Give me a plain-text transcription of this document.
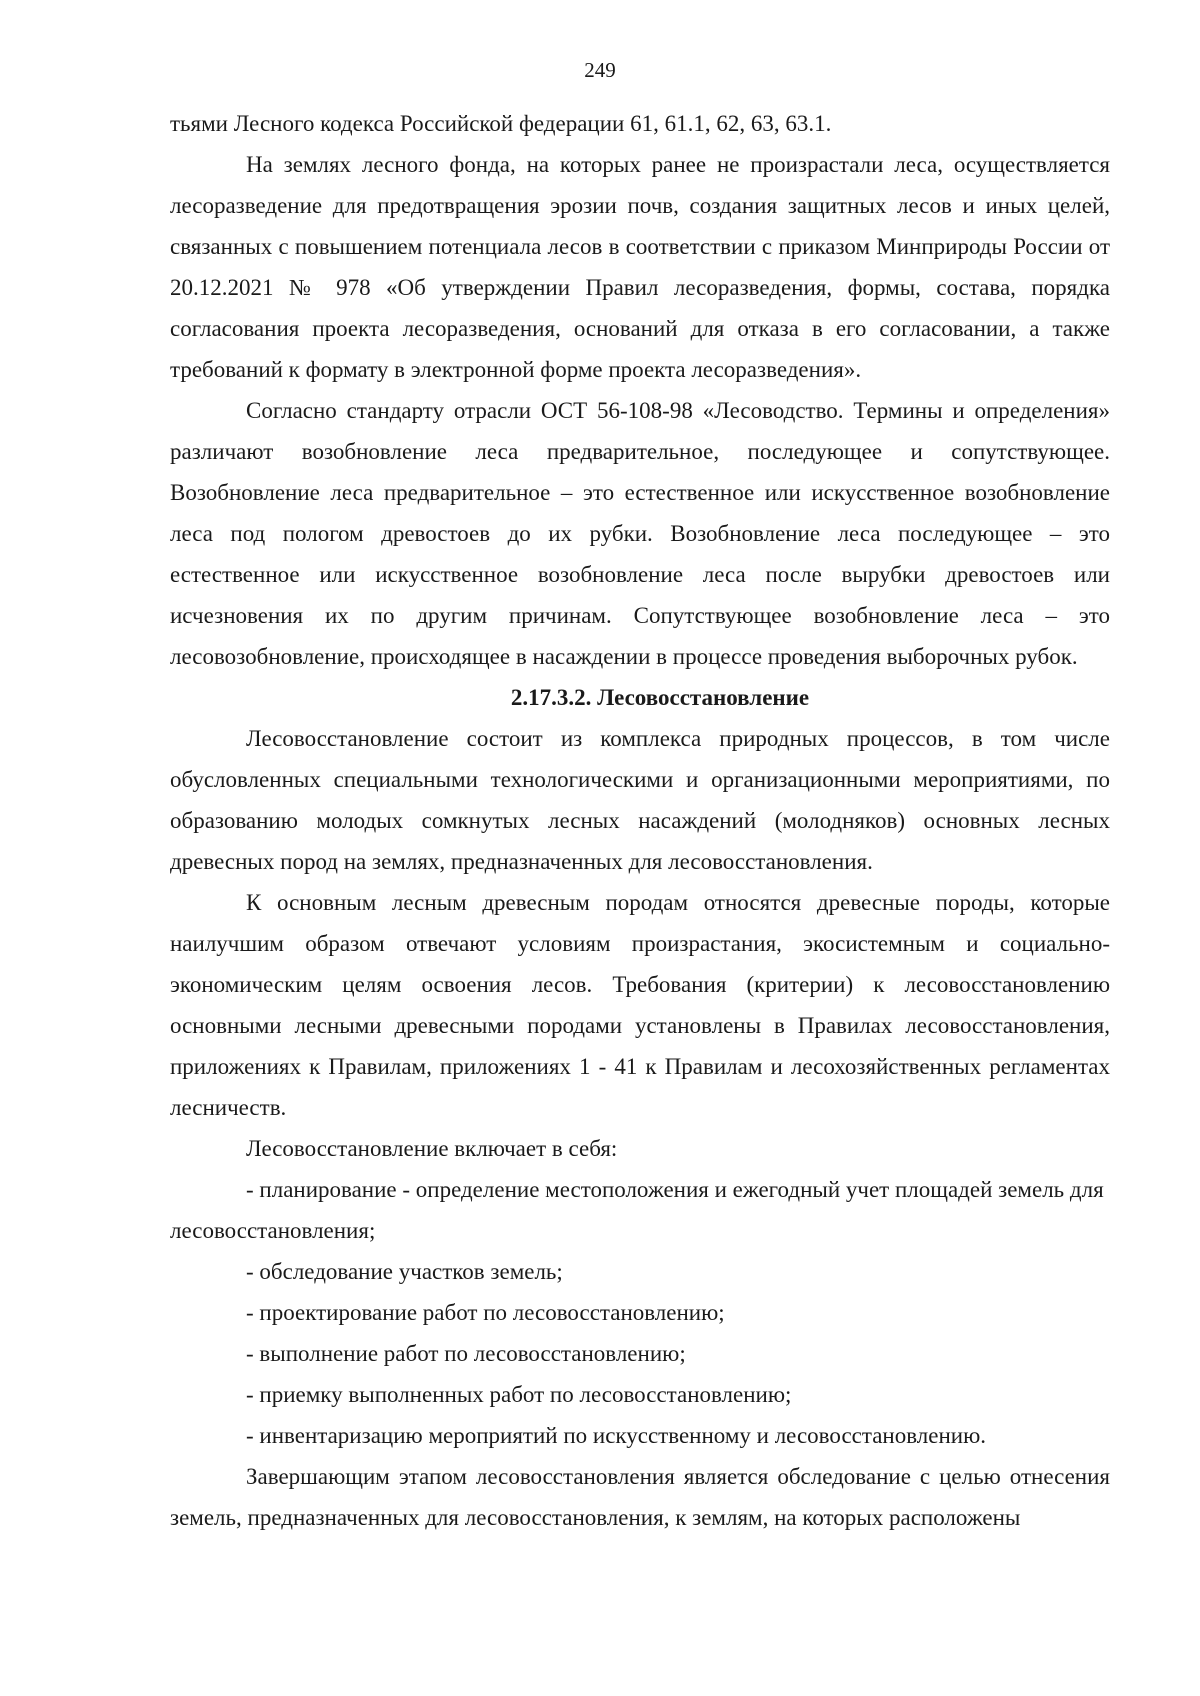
249

тьями Лесного кодекса Российской федерации 61, 61.1, 62, 63, 63.1.

На землях лесного фонда, на которых ранее не произрастали леса, осуществляется лесоразведение для предотвращения эрозии почв, создания защитных лесов и иных целей, связанных с повышением потенциала лесов в соответствии с приказом Минприроды России от 20.12.2021 № 978 «Об утверждении Правил лесоразведения, формы, состава, порядка согласования проекта лесоразведения, оснований для отказа в его согласовании, а также требований к формату в электронной форме проекта лесоразведения».

Согласно стандарту отрасли ОСТ 56-108-98 «Лесоводство. Термины и определения» различают возобновление леса предварительное, последующее и сопутствующее. Возобновление леса предварительное – это естественное или искусственное возобновление леса под пологом древостоев до их рубки. Возобновление леса последующее – это естественное или искусственное возобновление леса после вырубки древостоев или исчезновения их по другим причинам. Сопутствующее возобновление леса – это лесовозобновление, происходящее в насаждении в процессе проведения выборочных рубок.

2.17.3.2. Лесовосстановление

Лесовосстановление состоит из комплекса природных процессов, в том числе обусловленных специальными технологическими и организационными мероприятиями, по образованию молодых сомкнутых лесных насаждений (молодняков) основных лесных древесных пород на землях, предназначенных для лесовосстановления.

К основным лесным древесным породам относятся древесные породы, которые наилучшим образом отвечают условиям произрастания, экосистемным и социально-экономическим целям освоения лесов. Требования (критерии) к лесовосстановлению основными лесными древесными породами установлены в Правилах лесовосстановления, приложениях к Правилам, приложениях 1 - 41 к Правилам и лесохозяйственных регламентах лесничеств.

Лесовосстановление включает в себя:

- планирование - определение местоположения и ежегодный учет площадей земель для лесовосстановления;

- обследование участков земель;

- проектирование работ по лесовосстановлению;

- выполнение работ по лесовосстановлению;

- приемку выполненных работ по лесовосстановлению;

- инвентаризацию мероприятий по искусственному и лесовосстановлению.

Завершающим этапом лесовосстановления является обследование с целью отнесения земель, предназначенных для лесовосстановления, к землям, на которых расположены
